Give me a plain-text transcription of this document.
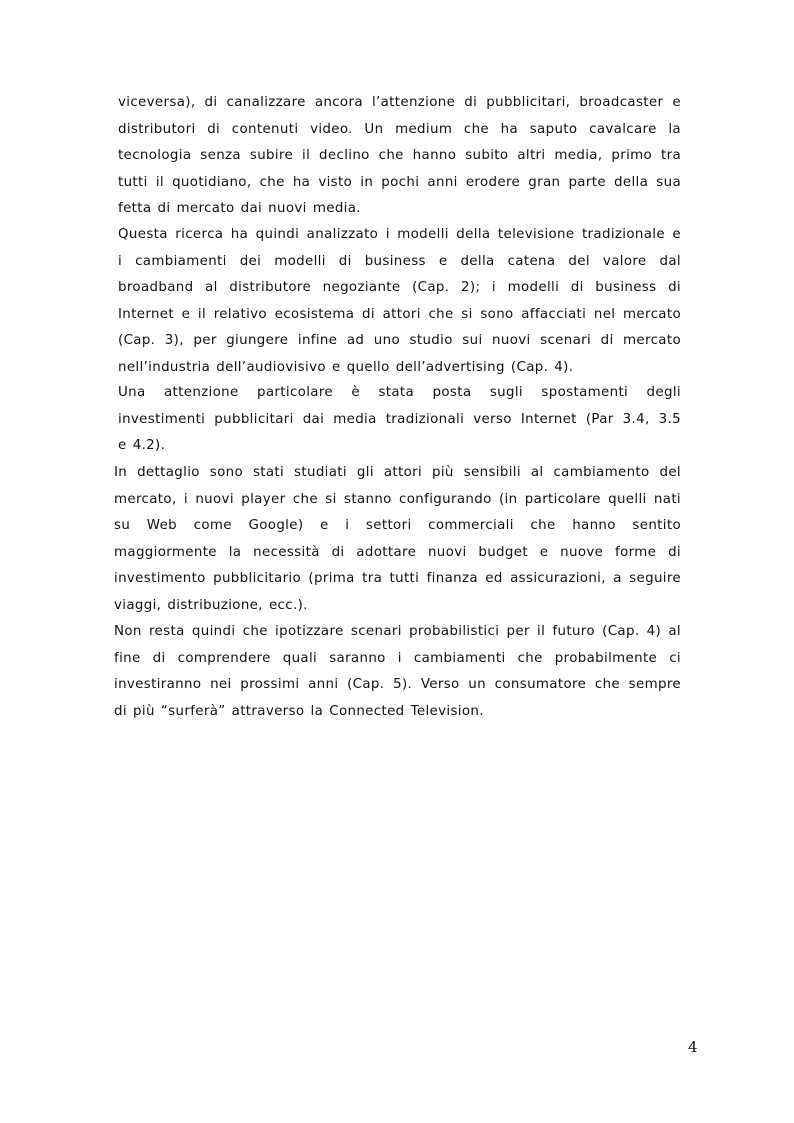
viceversa), di canalizzare ancora l’attenzione di pubblicitari, broadcaster e
distributori di contenuti video. Un medium che ha saputo cavalcare la
tecnologia senza subire il declino che hanno subito altri media, primo tra
tutti il quotidiano, che ha visto in pochi anni erodere gran parte della sua
fetta di mercato dai nuovi media.

Questa ricerca ha quindi analizzato i modelli della televisione tradizionale e
i cambiamenti dei modelli di business e della catena del valore dal
broadband al distributore negoziante (Cap. 2); i modelli di business di
Internet e il relativo ecosistema di attori che si sono affacciati nel mercato
(Cap. 3), per giungere infine ad uno studio sui nuovi scenari di mercato
nell’industria dell’audiovisivo e quello dell’advertising (Cap. 4).

Una attenzione particolare è stata posta sugli spostamenti degli
investimenti pubblicitari dai media tradizionali verso Internet (Par 3.4, 3.5
e 4.2).

In dettaglio sono stati studiati gli attori più sensibili al cambiamento del
mercato, i nuovi player che si stanno configurando (in particolare quelli nati
su Web come Google) e i settori commerciali che hanno sentito
maggiormente la necessità di adottare nuovi budget e nuove forme di
investimento pubblicitario (prima tra tutti finanza ed assicurazioni, a seguire
viaggi, distribuzione, ecc.).

Non resta quindi che ipotizzare scenari probabilistici per il futuro (Cap. 4) al
fine di comprendere quali saranno i cambiamenti che probabilmente ci
investiranno nei prossimi anni (Cap. 5). Verso un consumatore che sempre
di più “surferà” attraverso la Connected Television.

4
